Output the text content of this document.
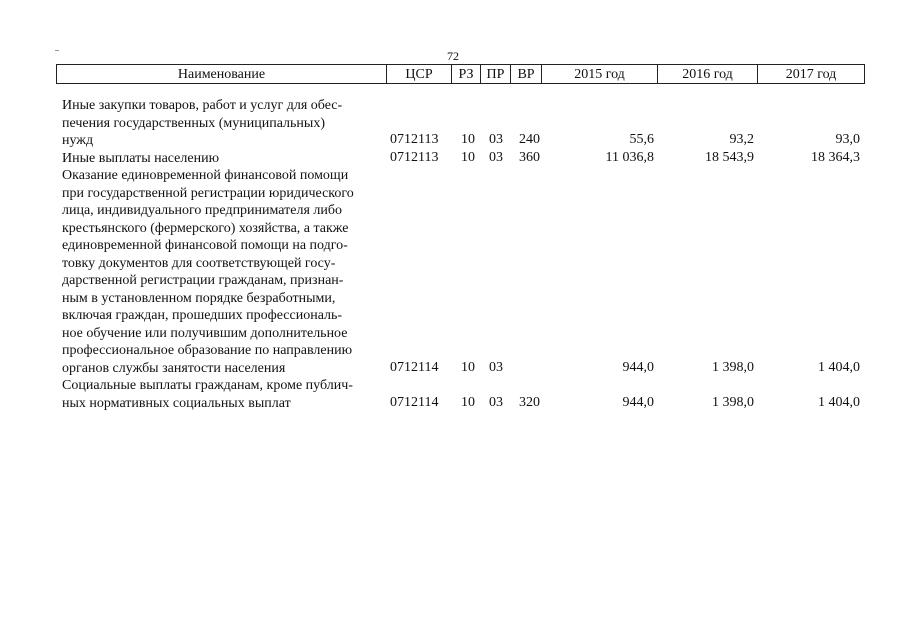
72
Наименование	ЦСР	РЗ ПР ВР	2015 год	2016 год	2017 год
Иные закупки товаров, работ и услуг для обес-
печения государственных (муниципальных)
нужд	0712113 10 03 240	55,6	93,2	93,0
Иные выплаты населению	0712113 10 03 360	11 036,8	18 543,9	18 364,3
Оказание единовременной финансовой помощи
при государственной регистрации юридического
лица, индивидуального предпринимателя либо
крестьянского (фермерского) хозяйства, а также
единовременной финансовой помощи на подго-
товку документов для соответствующей госу-
дарственной регистрации гражданам, признан-
ным в установленном порядке безработными,
включая граждан, прошедших профессиональ-
ное обучение или получившим дополнительное
профессиональное образование по направлению
органов службы занятости населения	0712114 10 03	944,0	1 398,0	1 404,0
Социальные выплаты гражданам, кроме публич-
ных нормативных социальных выплат	0712114 10 03 320	944,0	1 398,0	1 404,0
